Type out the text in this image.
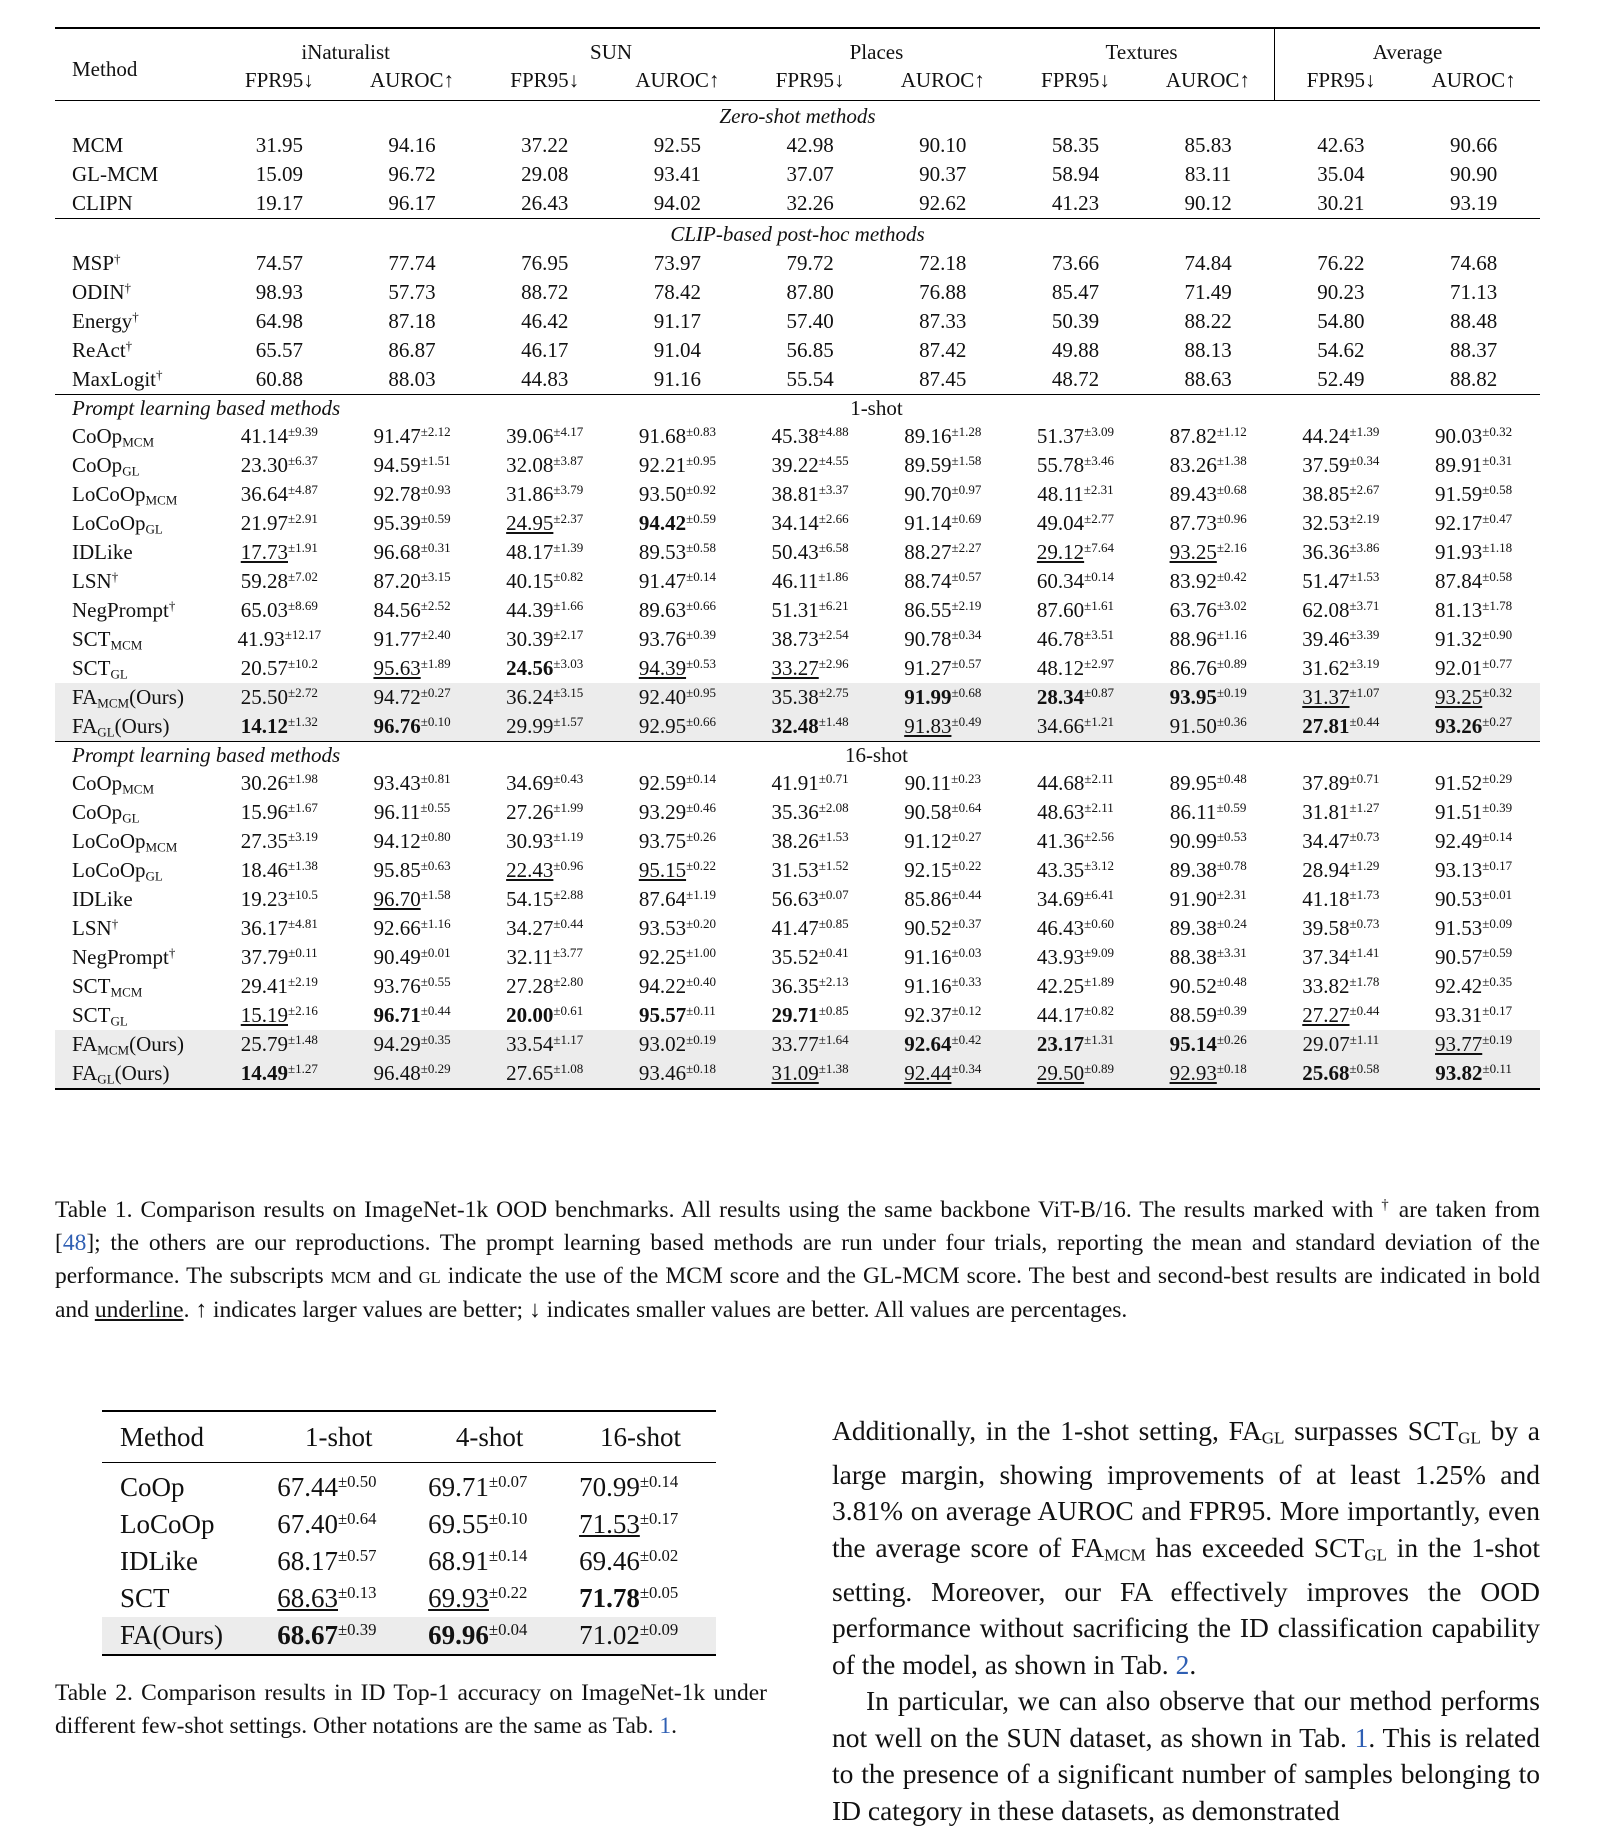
Method	iNaturalist		SUN		Places		Textures		Average	
	FPR95↓	AUROC↑	FPR95↓	AUROC↑	FPR95↓	AUROC↑	FPR95↓	AUROC↑	FPR95↓	AUROC↑
Zero-shot methods										
MCM	31.95	94.16	37.22	92.55	42.98	90.10	58.35	85.83	42.63	90.66
GL-MCM	15.09	96.72	29.08	93.41	37.07	90.37	58.94	83.11	35.04	90.90
CLIPN	19.17	96.17	26.43	94.02	32.26	92.62	41.23	90.12	30.21	93.19
CLIP-based post-hoc methods										
MSP†	74.57	77.74	76.95	73.97	79.72	72.18	73.66	74.84	76.22	74.68
ODIN†	98.93	57.73	88.72	78.42	87.80	76.88	85.47	71.49	90.23	71.13
Energy†	64.98	87.18	46.42	91.17	57.40	87.33	50.39	88.22	54.80	88.48
ReAct†	65.57	86.87	46.17	91.04	56.85	87.42	49.88	88.13	54.62	88.37
MaxLogit†	60.88	88.03	44.83	91.16	55.54	87.45	48.72	88.63	52.49	88.82
Prompt learning based methods					1-shot					
CoOp$_{MCM}$	$41.14^{\pm 9.39}$	$91.47^{\pm 2.12}$	$39.06^{\pm 4.17}$	$91.68^{\pm 0.83}$	$45.38^{\pm 4.88}$	$89.16^{\pm 1.28}$	$51.37^{\pm 3.09}$	$87.82^{\pm 1.12}$	$44.24^{\pm 1.39}$	$90.03^{\pm 0.32}$
CoOp$_{GL}$	$23.30^{\pm 6.37}$	$94.59^{\pm 1.51}$	$32.08^{\pm 3.87}$	$92.21^{\pm 0.95}$	$39.22^{\pm 4.55}$	$89.59^{\pm 1.58}$	$55.78^{\pm 3.46}$	$83.26^{\pm 1.38}$	$37.59^{\pm 0.34}$	$89.91^{\pm 0.31}$
LoCoOp$_{MCM}$	$36.64^{\pm 4.87}$	$92.78^{\pm 0.93}$	$31.86^{\pm 3.79}$	$93.50^{\pm 0.92}$	$38.81^{\pm 3.37}$	$90.70^{\pm 0.97}$	$48.11^{\pm 2.31}$	$89.43^{\pm 0.68}$	$38.85^{\pm 2.67}$	$91.59^{\pm 0.58}$
LoCoOp$_{GL}$	$21.97^{\pm 2.91}$	$95.39^{\pm 0.59}$	$24.95^{\pm 2.37}$	$94.42^{\pm 0.59}$	$34.14^{\pm 2.66}$	$91.14^{\pm 0.69}$	$49.04^{\pm 2.77}$	$87.73^{\pm 0.96}$	$32.53^{\pm 2.19}$	$92.17^{\pm 0.47}$
IDLike	$17.73^{\pm 1.91}$	$96.68^{\pm 0.31}$	$48.17^{\pm 1.39}$	$89.53^{\pm 0.58}$	$50.43^{\pm 6.58}$	$88.27^{\pm 2.27}$	$29.12^{\pm 7.64}$	$93.25^{\pm 2.16}$	$36.36^{\pm 3.86}$	$91.93^{\pm 1.18}$
LSN†	$59.28^{\pm 7.02}$	$87.20^{\pm 3.15}$	$40.15^{\pm 0.82}$	$91.47^{\pm 0.14}$	$46.11^{\pm 1.86}$	$88.74^{\pm 0.57}$	$60.34^{\pm 0.14}$	$83.92^{\pm 0.42}$	$51.47^{\pm 1.53}$	$87.84^{\pm 0.58}$
NegPrompt†	$65.03^{\pm 8.69}$	$84.56^{\pm 2.52}$	$44.39^{\pm 1.66}$	$89.63^{\pm 0.66}$	$51.31^{\pm 6.21}$	$86.55^{\pm 2.19}$	$87.60^{\pm 1.61}$	$63.76^{\pm 3.02}$	$62.08^{\pm 3.71}$	$81.13^{\pm 1.78}$
$SCT_{MCM}$	$41.93^{\pm 12.17}$	$91.77^{\pm 2.40}$	$30.39^{\pm 2.17}$	$93.76^{\pm 0.39}$	$38.73^{\pm 2.54}$	$90.78^{\pm 0.34}$	$46.78^{\pm 3.51}$	$88.96^{\pm 1.16}$	$39.46^{\pm 3.39}$	$91.32^{\pm 0.90}$
$SCT_{GL}$	$20.57^{\pm 10.2}$	$95.63^{\pm 1.89}$	$24.56^{\pm 3.03}$	$94.39^{\pm 0.53}$	$33.27^{\pm 2.96}$	$91.27^{\pm 0.57}$	$48.12^{\pm 2.97}$	$86.76^{\pm 0.89}$	$31.62^{\pm 3.19}$	$92.01^{\pm 0.77}$
$FA_{MCM}(Ours)$	$25.50^{\pm 2.72}$	$94.72^{\pm 0.27}$	$36.24^{\pm 3.15}$	$92.40^{\pm 0.95}$	$35.38^{\pm 2.75}$	$91.99^{\pm 0.68}$	$28.34^{\pm 0.87}$	$93.95^{\pm 0.19}$	$31.37^{\pm 1.07}$	$93.25^{\pm 0.32}$
$FA_{GL}(Ours)$	$14.12^{\pm 1.32}$	$96.76^{\pm 0.10}$	$29.99^{\pm 1.57}$	$92.95^{\pm 0.66}$	$32.48^{\pm 1.48}$	$91.83^{\pm 0.49}$	$34.66^{\pm 1.21}$	$91.50^{\pm 0.36}$	$27.81^{\pm 0.44}$	$93.26^{\pm 0.27}$
Prompt learning based methods					16-shot					
CoOp$_{MCM}$	$30.26^{\pm 1.98}$	$93.43^{\pm 0.81}$	$34.69^{\pm 0.43}$	$92.59^{\pm 0.14}$	$41.91^{\pm 0.71}$	$90.11^{\pm 0.23}$	$44.68^{\pm 2.11}$	$89.95^{\pm 0.48}$	$37.89^{\pm 0.71}$	$91.52^{\pm 0.29}$
CoOp$_{GL}$	$15.96^{\pm 1.67}$	$96.11^{\pm 0.55}$	$27.26^{\pm 1.99}$	$93.29^{\pm 0.46}$	$35.36^{\pm 2.08}$	$90.58^{\pm 0.64}$	$48.63^{\pm 2.11}$	$86.11^{\pm 0.59}$	$31.81^{\pm 1.27}$	$91.51^{\pm 0.39}$
LoCoOp$_{MCM}$	$27.35^{\pm 3.19}$	$94.12^{\pm 0.80}$	$30.93^{\pm 1.19}$	$93.75^{\pm 0.26}$	$38.26^{\pm 1.53}$	$91.12^{\pm 0.27}$	$41.36^{\pm 2.56}$	$90.99^{\pm 0.53}$	$34.47^{\pm 0.73}$	$92.49^{\pm 0.14}$
LoCoOp$_{GL}$	$18.46^{\pm 1.38}$	$95.85^{\pm 0.63}$	$22.43^{\pm 0.96}$	$95.15^{\pm 0.22}$	$31.53^{\pm 1.52}$	$92.15^{\pm 0.22}$	$43.35^{\pm 3.12}$	$89.38^{\pm 0.78}$	$28.94^{\pm 1.29}$	$93.13^{\pm 0.17}$
IDLike	$19.23^{\pm 10.5}$	$96.70^{\pm 1.58}$	$54.15^{\pm 2.88}$	$87.64^{\pm 1.19}$	$56.63^{\pm 0.07}$	$85.86^{\pm 0.44}$	$34.69^{\pm 6.41}$	$91.90^{\pm 2.31}$	$41.18^{\pm 1.73}$	$90.53^{\pm 0.01}$
LSN†	$36.17^{\pm 4.81}$	$92.66^{\pm 1.16}$	$34.27^{\pm 0.44}$	$93.53^{\pm 0.20}$	$41.47^{\pm 0.85}$	$90.52^{\pm 0.37}$	$46.43^{\pm 0.60}$	$89.38^{\pm 0.24}$	$39.58^{\pm 0.73}$	$91.53^{\pm 0.09}$
NegPrompt†	$37.79^{\pm 0.11}$	$90.49^{\pm 0.01}$	$32.11^{\pm 3.77}$	$92.25^{\pm 1.00}$	$35.52^{\pm 0.41}$	$91.16^{\pm 0.03}$	$43.93^{\pm 9.09}$	$88.38^{\pm 3.31}$	$37.34^{\pm 1.41}$	$90.57^{\pm 0.59}$
$SCT_{MCM}$	$29.41^{\pm 2.19}$	$93.76^{\pm 0.55}$	$27.28^{\pm 2.80}$	$94.22^{\pm 0.40}$	$36.35^{\pm 2.13}$	$91.16^{\pm 0.33}$	$42.25^{\pm 1.89}$	$90.52^{\pm 0.48}$	$33.82^{\pm 1.78}$	$92.42^{\pm 0.35}$
$SCT_{GL}$	$15.19^{\pm 2.16}$	$96.71^{\pm 0.44}$	$20.00^{\pm 0.61}$	$95.57^{\pm 0.11}$	$29.71^{\pm 0.85}$	$92.37^{\pm 0.12}$	$44.17^{\pm 0.82}$	$88.59^{\pm 0.39}$	$27.27^{\pm 0.44}$	$93.31^{\pm 0.17}$
$FA_{MCM}(Ours)$	$25.79^{\pm 1.48}$	$94.29^{\pm 0.35}$	$33.54^{\pm 1.17}$	$93.02^{\pm 0.19}$	$33.77^{\pm 1.64}$	$92.64^{\pm 0.42}$	$23.17^{\pm 1.31}$	$95.14^{\pm 0.26}$	$29.07^{\pm 1.11}$	$93.77^{\pm 0.19}$
$FA_{GL}(Ours)$	$14.49^{\pm 1.27}$	$96.48^{\pm 0.29}$	$27.65^{\pm 1.08}$	$93.46^{\pm 0.18}$	$31.09^{\pm 1.38}$	$92.44^{\pm 0.34}$	$29.50^{\pm 0.89}$	$92.93^{\pm 0.18}$	$25.68^{\pm 0.58}$	$93.82^{\pm 0.11}$
Table 1. Comparison results on ImageNet-1k OOD benchmarks. All results using the same backbone ViT-B/16. The results marked with † are taken from [48]; the others are our reproductions. The prompt learning based methods are run under four trials, reporting the mean and standard deviation of the performance. The subscripts MCM and GL indicate the use of the MCM score and the GL-MCM score. The best and second-best results are indicated in bold and underline. ↑ indicates larger values are better; ↓ indicates smaller values are better. All values are percentages.
Method	1-shot	4-shot	16-shot
CoOp	$67.44^{\pm 0.50}$	$69.71^{\pm 0.07}$	$70.99^{\pm 0.14}$
LoCoOp	$67.40^{\pm 0.64}$	$69.55^{\pm 0.10}$	$71.53^{\pm 0.17}$
IDLike	$68.17^{\pm 0.57}$	$68.91^{\pm 0.14}$	$69.46^{\pm 0.02}$
SCT	$68.63^{\pm 0.13}$	$69.93^{\pm 0.22}$	$71.78^{\pm 0.05}$
FA(Ours)	$68.67^{\pm 0.39}$	$69.96^{\pm 0.04}$	$71.02^{\pm 0.09}$
Table 2. Comparison results in ID Top-1 accuracy on ImageNet-1k under different few-shot settings. Other notations are the same as Tab. 1.

Additionally, in the 1-shot setting, FAGL surpasses SCTGL by a large margin, showing improvements of at least 1.25% and 3.81% on average AUROC and FPR95. More importantly, even the average score of FAMCM has exceeded SCTGL in the 1-shot setting. Moreover, our FA effectively improves the OOD performance without sacrificing the ID classification capability of the model, as shown in Tab. 2.

In particular, we can also observe that our method performs not well on the SUN dataset, as shown in Tab. 1. This is related to the presence of a significant number of samples belonging to ID category in these datasets, as demonstrated
